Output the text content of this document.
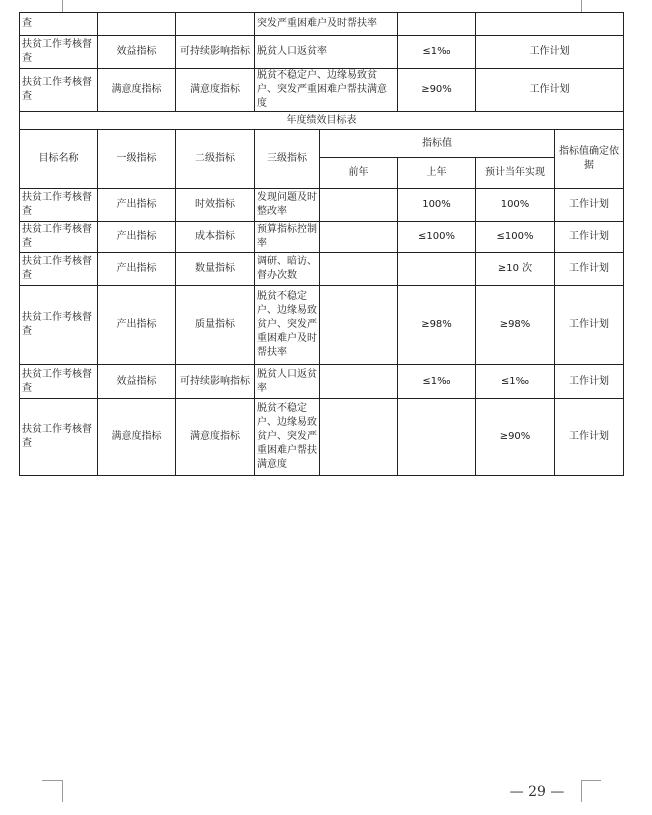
查			突发严重困难户及时帮扶率				
扶贫工作考核督查	效益指标	可持续影响指标	脱贫人口返贫率		≤1‰	工作计划	
扶贫工作考核督查	满意度指标	满意度指标	脱贫不稳定户、边缘易致贫户、突发严重困难户帮扶满意度		≥90%	工作计划	
年度绩效目标表							
目标名称	一级指标	二级指标	三级指标	指标值			指标值确定依据
				前年	上年	预计当年实现	
扶贫工作考核督查	产出指标	时效指标	发现问题及时整改率		100%	100%	工作计划
扶贫工作考核督查	产出指标	成本指标	预算指标控制率		≤100%	≤100%	工作计划
扶贫工作考核督查	产出指标	数量指标	调研、暗访、督办次数			≥10 次	工作计划
扶贫工作考核督查	产出指标	质量指标	脱贫不稳定户、边缘易致贫户、突发严重困难户及时帮扶率		≥98%	≥98%	工作计划
扶贫工作考核督查	效益指标	可持续影响指标	脱贫人口返贫率		≤1‰	≤1‰	工作计划
扶贫工作考核督查	满意度指标	满意度指标	脱贫不稳定户、边缘易致贫户、突发严重困难户帮扶满意度			≥90%	工作计划
— 29 —
